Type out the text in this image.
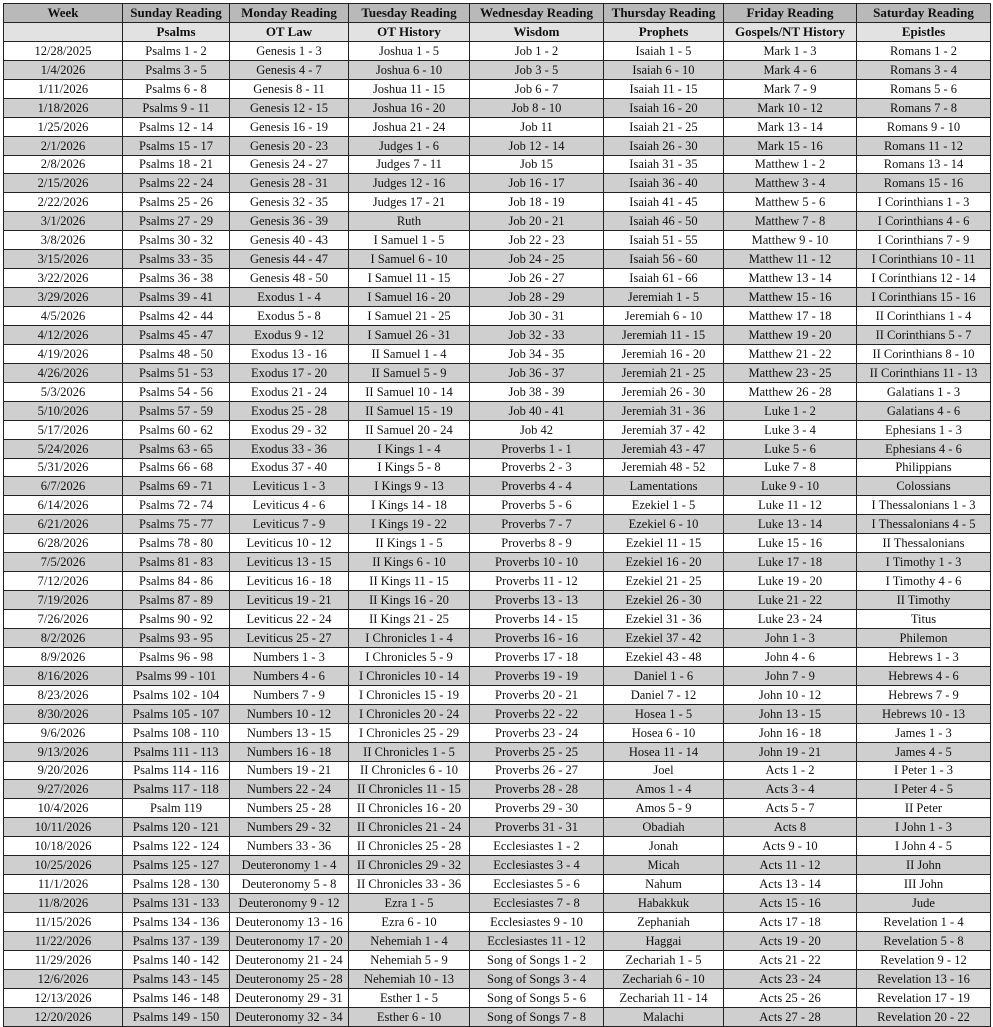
Week	Sunday Reading	Monday Reading	Tuesday Reading	Wednesday Reading	Thursday Reading	Friday Reading	Saturday Reading
	Psalms	OT Law	OT History	Wisdom	Prophets	Gospels/NT History	Epistles
12/28/2025	Psalms 1 - 2	Genesis 1 - 3	Joshua 1 - 5	Job 1 - 2	Isaiah 1 - 5	Mark 1 - 3	Romans 1 - 2
1/4/2026	Psalms 3 - 5	Genesis 4 - 7	Joshua 6 - 10	Job 3 - 5	Isaiah 6 - 10	Mark 4 - 6	Romans 3 - 4
1/11/2026	Psalms 6 - 8	Genesis 8 - 11	Joshua 11 - 15	Job 6 - 7	Isaiah 11 - 15	Mark 7 - 9	Romans 5 - 6
1/18/2026	Psalms 9 - 11	Genesis 12 - 15	Joshua 16 - 20	Job 8 - 10	Isaiah 16 - 20	Mark 10 - 12	Romans 7 - 8
1/25/2026	Psalms 12 - 14	Genesis 16 - 19	Joshua 21 - 24	Job 11	Isaiah 21 - 25	Mark 13 - 14	Romans 9 - 10
2/1/2026	Psalms 15 - 17	Genesis 20 - 23	Judges 1 - 6	Job 12 - 14	Isaiah 26 - 30	Mark 15 - 16	Romans 11 - 12
2/8/2026	Psalms 18 - 21	Genesis 24 - 27	Judges 7 - 11	Job 15	Isaiah 31 - 35	Matthew 1 - 2	Romans 13 - 14
2/15/2026	Psalms 22 - 24	Genesis 28 - 31	Judges 12 - 16	Job 16 - 17	Isaiah 36 - 40	Matthew 3 - 4	Romans 15 - 16
2/22/2026	Psalms 25 - 26	Genesis 32 - 35	Judges 17 - 21	Job 18 - 19	Isaiah 41 - 45	Matthew 5 - 6	I Corinthians 1 - 3
3/1/2026	Psalms 27 - 29	Genesis 36 - 39	Ruth	Job 20 - 21	Isaiah 46 - 50	Matthew 7 - 8	I Corinthians 4 - 6
3/8/2026	Psalms 30 - 32	Genesis 40 - 43	I Samuel 1 - 5	Job 22 - 23	Isaiah 51 - 55	Matthew 9 - 10	I Corinthians 7 - 9
3/15/2026	Psalms 33 - 35	Genesis 44 - 47	I Samuel 6 - 10	Job 24 - 25	Isaiah 56 - 60	Matthew 11 - 12	I Corinthians 10 - 11
3/22/2026	Psalms 36 - 38	Genesis 48 - 50	I Samuel 11 - 15	Job 26 - 27	Isaiah 61 - 66	Matthew 13 - 14	I Corinthians 12 - 14
3/29/2026	Psalms 39 - 41	Exodus 1 - 4	I Samuel 16 - 20	Job 28 - 29	Jeremiah 1 - 5	Matthew 15 - 16	I Corinthians 15 - 16
4/5/2026	Psalms 42 - 44	Exodus 5 - 8	I Samuel 21 - 25	Job 30 - 31	Jeremiah 6 - 10	Matthew 17 - 18	II Corinthians 1 - 4
4/12/2026	Psalms 45 - 47	Exodus 9 - 12	I Samuel 26 - 31	Job 32 - 33	Jeremiah 11 - 15	Matthew 19 - 20	II Corinthians 5 - 7
4/19/2026	Psalms 48 - 50	Exodus 13 - 16	II Samuel 1 - 4	Job 34 - 35	Jeremiah 16 - 20	Matthew 21 - 22	II Corinthians 8 - 10
4/26/2026	Psalms 51 - 53	Exodus 17 - 20	II Samuel 5 - 9	Job 36 - 37	Jeremiah 21 - 25	Matthew 23 - 25	II Corinthians 11 - 13
5/3/2026	Psalms 54 - 56	Exodus 21 - 24	II Samuel 10 - 14	Job 38 - 39	Jeremiah 26 - 30	Matthew 26 - 28	Galatians 1 - 3
5/10/2026	Psalms 57 - 59	Exodus 25 - 28	II Samuel 15 - 19	Job 40 - 41	Jeremiah 31 - 36	Luke 1 - 2	Galatians 4 - 6
5/17/2026	Psalms 60 - 62	Exodus 29 - 32	II Samuel 20 - 24	Job 42	Jeremiah 37 - 42	Luke 3 - 4	Ephesians 1 - 3
5/24/2026	Psalms 63 - 65	Exodus 33 - 36	I Kings 1 - 4	Proverbs 1 - 1	Jeremiah 43 - 47	Luke 5 - 6	Ephesians 4 - 6
5/31/2026	Psalms 66 - 68	Exodus 37 - 40	I Kings 5 - 8	Proverbs 2 - 3	Jeremiah 48 - 52	Luke 7 - 8	Philippians
6/7/2026	Psalms 69 - 71	Leviticus 1 - 3	I Kings 9 - 13	Proverbs 4 - 4	Lamentations	Luke 9 - 10	Colossians
6/14/2026	Psalms 72 - 74	Leviticus 4 - 6	I Kings 14 - 18	Proverbs 5 - 6	Ezekiel 1 - 5	Luke 11 - 12	I Thessalonians 1 - 3
6/21/2026	Psalms 75 - 77	Leviticus 7 - 9	I Kings 19 - 22	Proverbs 7 - 7	Ezekiel 6 - 10	Luke 13 - 14	I Thessalonians 4 - 5
6/28/2026	Psalms 78 - 80	Leviticus 10 - 12	II Kings 1 - 5	Proverbs 8 - 9	Ezekiel 11 - 15	Luke 15 - 16	II Thessalonians
7/5/2026	Psalms 81 - 83	Leviticus 13 - 15	II Kings 6 - 10	Proverbs 10 - 10	Ezekiel 16 - 20	Luke 17 - 18	I Timothy 1 - 3
7/12/2026	Psalms 84 - 86	Leviticus 16 - 18	II Kings 11 - 15	Proverbs 11 - 12	Ezekiel 21 - 25	Luke 19 - 20	I Timothy 4 - 6
7/19/2026	Psalms 87 - 89	Leviticus 19 - 21	II Kings 16 - 20	Proverbs 13 - 13	Ezekiel 26 - 30	Luke 21 - 22	II Timothy
7/26/2026	Psalms 90 - 92	Leviticus 22 - 24	II Kings 21 - 25	Proverbs 14 - 15	Ezekiel 31 - 36	Luke 23 - 24	Titus
8/2/2026	Psalms 93 - 95	Leviticus 25 - 27	I Chronicles 1 - 4	Proverbs 16 - 16	Ezekiel 37 - 42	John 1 - 3	Philemon
8/9/2026	Psalms 96 - 98	Numbers 1 - 3	I Chronicles 5 - 9	Proverbs 17 - 18	Ezekiel 43 - 48	John 4 - 6	Hebrews 1 - 3
8/16/2026	Psalms 99 - 101	Numbers 4 - 6	I Chronicles 10 - 14	Proverbs 19 - 19	Daniel 1 - 6	John 7 - 9	Hebrews 4 - 6
8/23/2026	Psalms 102 - 104	Numbers 7 - 9	I Chronicles 15 - 19	Proverbs 20 - 21	Daniel 7 - 12	John 10 - 12	Hebrews 7 - 9
8/30/2026	Psalms 105 - 107	Numbers 10 - 12	I Chronicles 20 - 24	Proverbs 22 - 22	Hosea 1 - 5	John 13 - 15	Hebrews 10 - 13
9/6/2026	Psalms 108 - 110	Numbers 13 - 15	I Chronicles 25 - 29	Proverbs 23 - 24	Hosea 6 - 10	John 16 - 18	James 1 - 3
9/13/2026	Psalms 111 - 113	Numbers 16 - 18	II Chronicles 1 - 5	Proverbs 25 - 25	Hosea 11 - 14	John 19 - 21	James 4 - 5
9/20/2026	Psalms 114 - 116	Numbers 19 - 21	II Chronicles 6 - 10	Proverbs 26 - 27	Joel	Acts 1 - 2	I Peter 1 - 3
9/27/2026	Psalms 117 - 118	Numbers 22 - 24	II Chronicles 11 - 15	Proverbs 28 - 28	Amos 1 - 4	Acts 3 - 4	I Peter 4 - 5
10/4/2026	Psalm 119	Numbers 25 - 28	II Chronicles 16 - 20	Proverbs 29 - 30	Amos 5 - 9	Acts 5 - 7	II Peter
10/11/2026	Psalms 120 - 121	Numbers 29 - 32	II Chronicles 21 - 24	Proverbs 31 - 31	Obadiah	Acts 8	I John 1 - 3
10/18/2026	Psalms 122 - 124	Numbers 33 - 36	II Chronicles 25 - 28	Ecclesiastes 1 - 2	Jonah	Acts 9 - 10	I John 4 - 5
10/25/2026	Psalms 125 - 127	Deuteronomy 1 - 4	II Chronicles 29 - 32	Ecclesiastes 3 - 4	Micah	Acts 11 - 12	II John
11/1/2026	Psalms 128 - 130	Deuteronomy 5 - 8	II Chronicles 33 - 36	Ecclesiastes 5 - 6	Nahum	Acts 13 - 14	III John
11/8/2026	Psalms 131 - 133	Deuteronomy 9 - 12	Ezra 1 - 5	Ecclesiastes 7 - 8	Habakkuk	Acts 15 - 16	Jude
11/15/2026	Psalms 134 - 136	Deuteronomy 13 - 16	Ezra 6 - 10	Ecclesiastes 9 - 10	Zephaniah	Acts 17 - 18	Revelation 1 - 4
11/22/2026	Psalms 137 - 139	Deuteronomy 17 - 20	Nehemiah 1 - 4	Ecclesiastes 11 - 12	Haggai	Acts 19 - 20	Revelation 5 - 8
11/29/2026	Psalms 140 - 142	Deuteronomy 21 - 24	Nehemiah 5 - 9	Song of Songs 1 - 2	Zechariah 1 - 5	Acts 21 - 22	Revelation 9 - 12
12/6/2026	Psalms 143 - 145	Deuteronomy 25 - 28	Nehemiah 10 - 13	Song of Songs 3 - 4	Zechariah 6 - 10	Acts 23 - 24	Revelation 13 - 16
12/13/2026	Psalms 146 - 148	Deuteronomy 29 - 31	Esther 1 - 5	Song of Songs 5 - 6	Zechariah 11 - 14	Acts 25 - 26	Revelation 17 - 19
12/20/2026	Psalms 149 - 150	Deuteronomy 32 - 34	Esther 6 - 10	Song of Songs 7 - 8	Malachi	Acts 27 - 28	Revelation 20 - 22
